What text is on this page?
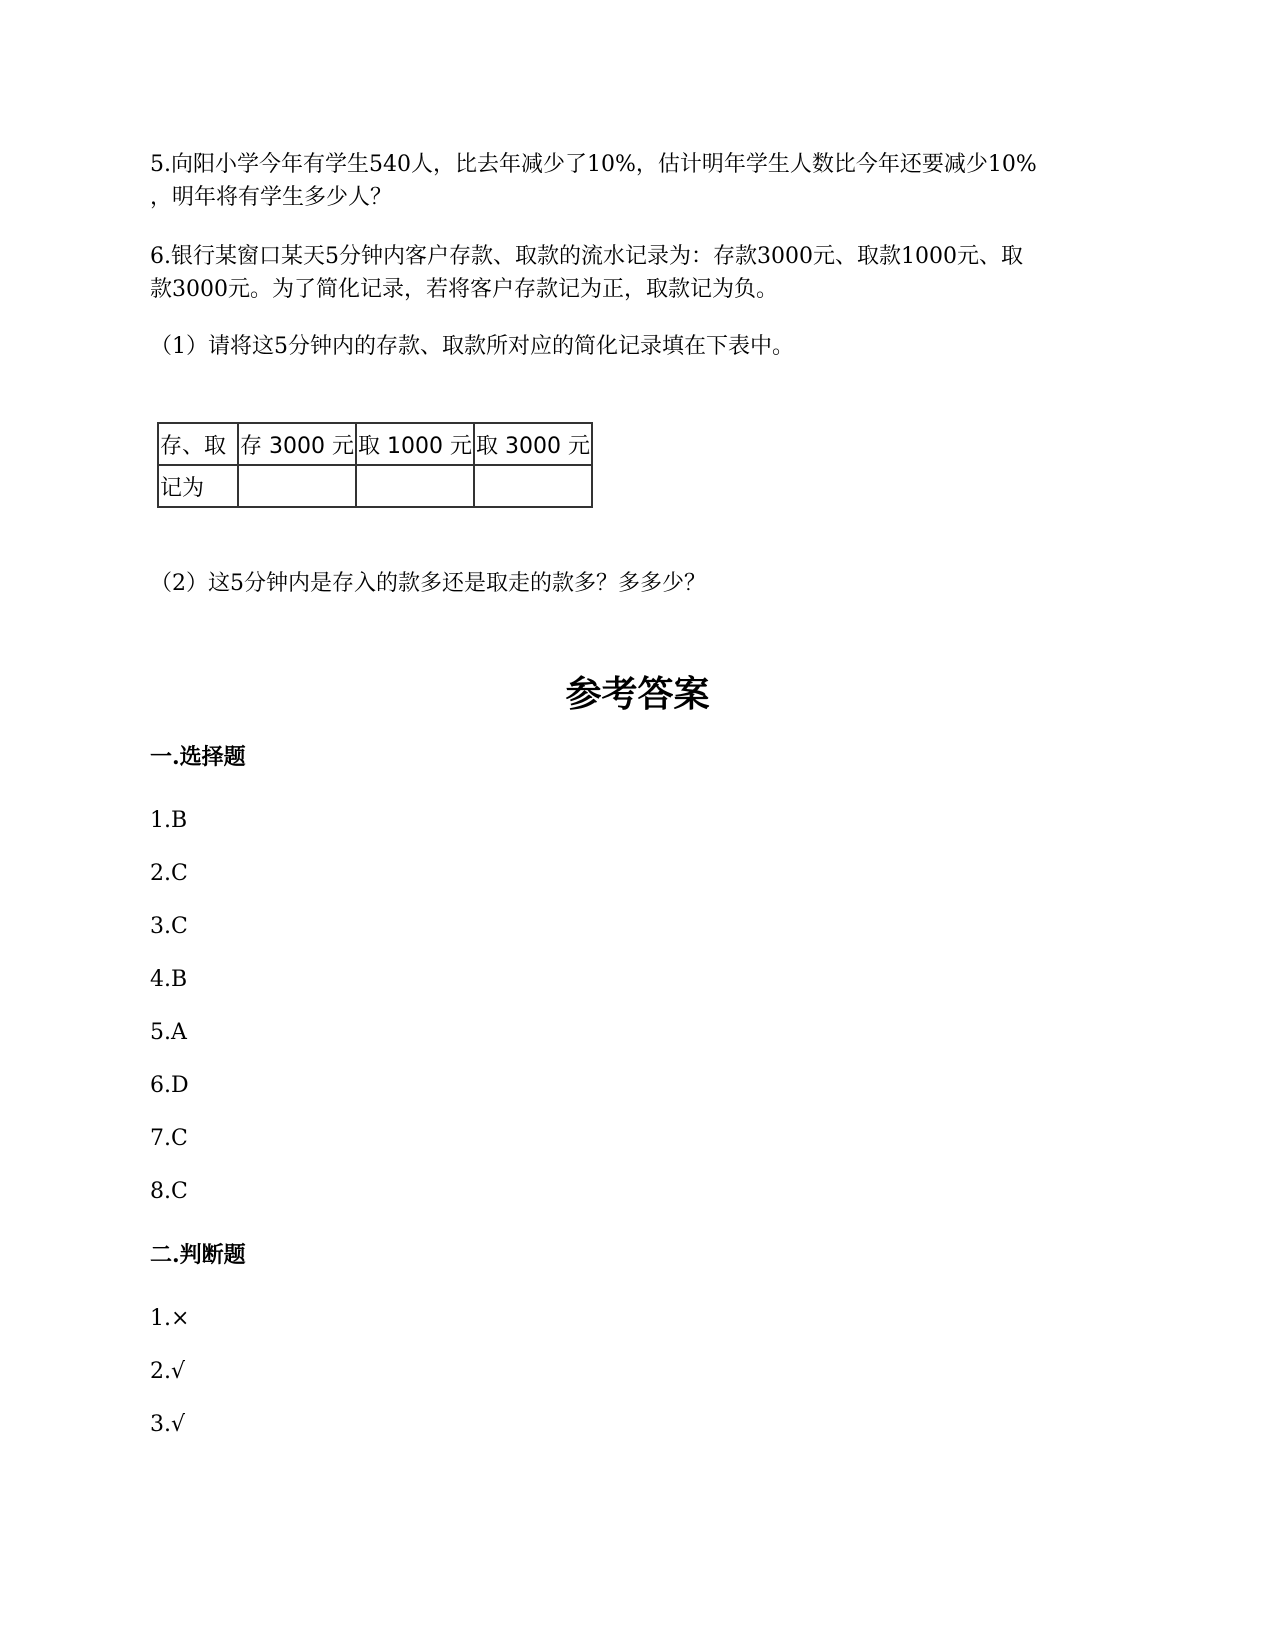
5.向阳小学今年有学生540人，比去年减少了10%，估计明年学生人数比今年还要减少10%
，明年将有学生多少人？
6.银行某窗口某天5分钟内客户存款、取款的流水记录为：存款3000元、取款1000元、取
款3000元。为了简化记录，若将客户存款记为正，取款记为负。
（1）请将这5分钟内的存款、取款所对应的简化记录填在下表中。
存、取	存 3000 元	取 1000 元	取 3000 元
记为			
（2）这5分钟内是存入的款多还是取走的款多？多多少？
参考答案
一.选择题
1.B
2.C
3.C
4.B
5.A
6.D
7.C
8.C
二.判断题
1.×
2.√
3.√
